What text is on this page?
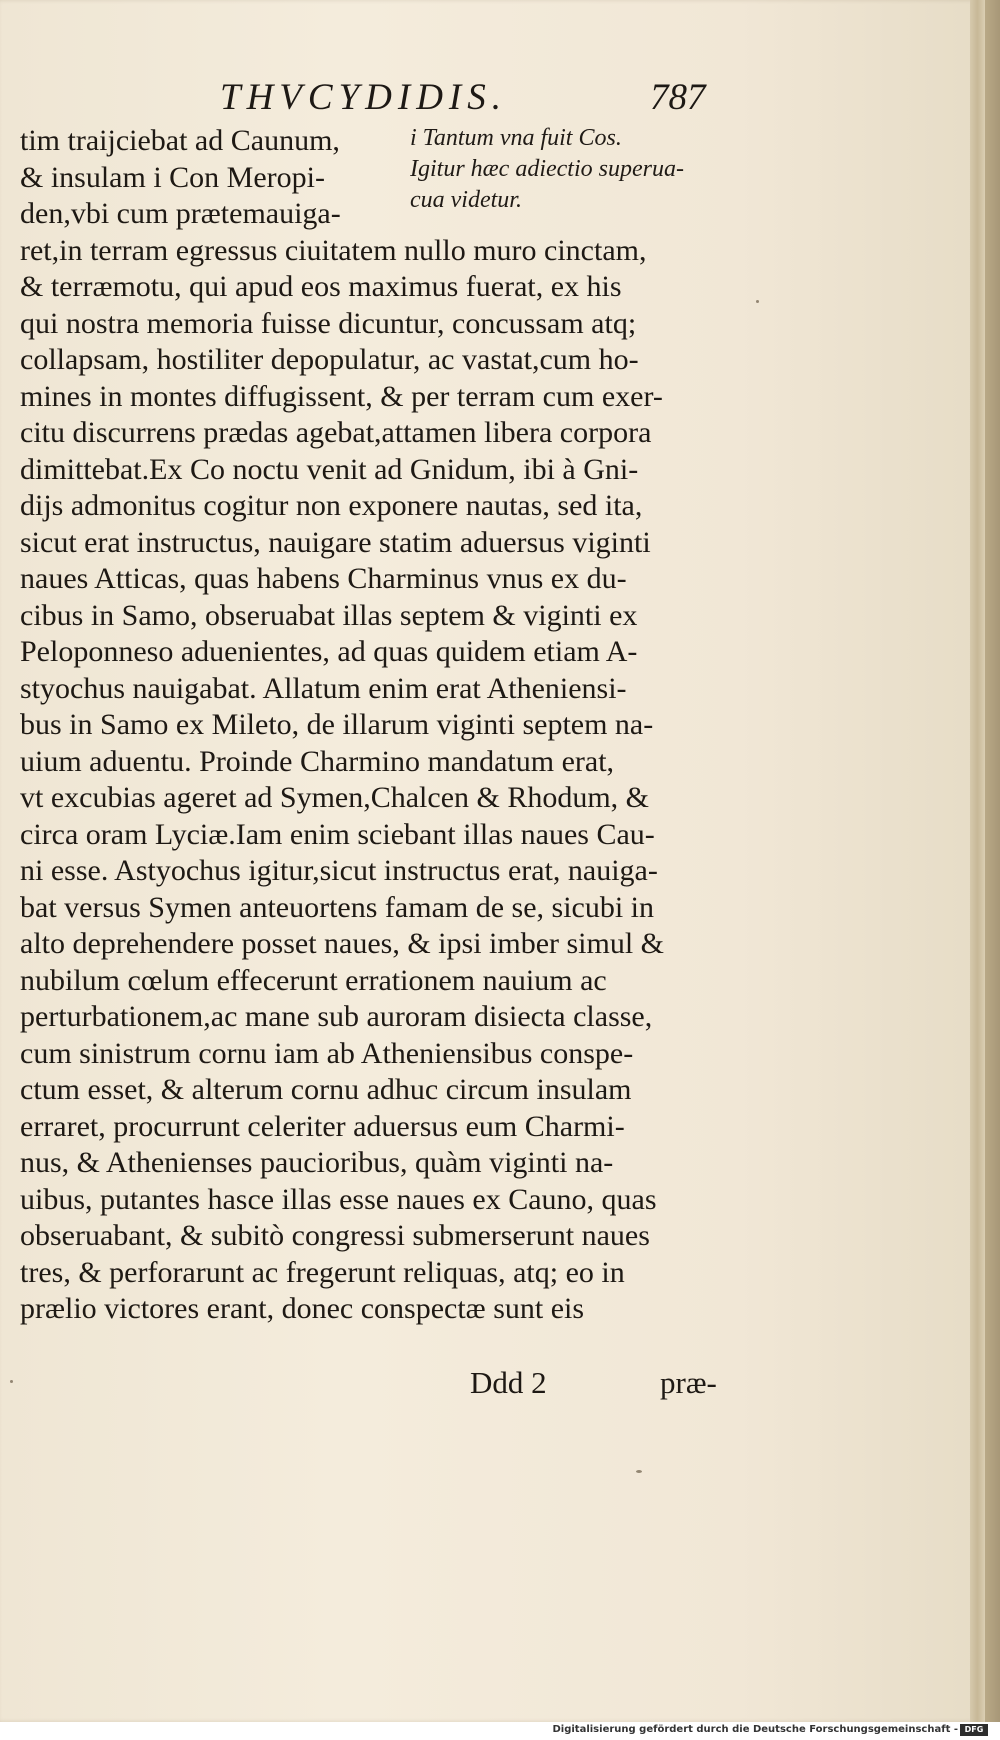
THVCYDIDIS.	787
i Tantum vna fuit Cos.
Igitur hæc adiectio superua-
cua videtur.
tim traijciebat ad Caunum,
& insulam i Con Meropi-
den,vbi cum prætemauiga-
ret,in terram egressus ciuitatem nullo muro cinctam,
& terræmotu, qui apud eos maximus fuerat, ex his
qui nostra memoria fuisse dicuntur, concussam atq;
collapsam, hostiliter depopulatur, ac vastat,cum ho-
mines in montes diffugissent, & per terram cum exer-
citu discurrens prædas agebat,attamen libera corpora
dimittebat.Ex Co noctu venit ad Gnidum, ibi à Gni-
dijs admonitus cogitur non exponere nautas, sed ita,
sicut erat instructus, nauigare statim aduersus viginti
naues Atticas, quas habens Charminus vnus ex du-
cibus in Samo, obseruabat illas septem & viginti ex
Peloponneso aduenientes, ad quas quidem etiam A-
styochus nauigabat. Allatum enim erat Atheniensi-
bus in Samo ex Mileto, de illarum viginti septem na-
uium aduentu. Proinde Charmino mandatum erat,
vt excubias ageret ad Symen,Chalcen & Rhodum, &
circa oram Lyciæ.Iam enim sciebant illas naues Cau-
ni esse. Astyochus igitur,sicut instructus erat, nauiga-
bat versus Symen anteuortens famam de se, sicubi in
alto deprehendere posset naues, & ipsi imber simul &
nubilum cœlum effecerunt errationem nauium ac
perturbationem,ac mane sub auroram disiecta classe,
cum sinistrum cornu iam ab Atheniensibus conspe-
ctum esset, & alterum cornu adhuc circum insulam
erraret, procurrunt celeriter aduersus eum Charmi-
nus, & Athenienses paucioribus, quàm viginti na-
uibus, putantes hasce illas esse naues ex Cauno, quas
obseruabant, & subitò congressi submerserunt naues
tres, & perforarunt ac fregerunt reliquas, atq; eo in
prælio victores erant, donec conspectæ sunt eis
Ddd 2	præ-
Digitalisierung gefördert durch die Deutsche Forschungsgemeinschaft - DFG
